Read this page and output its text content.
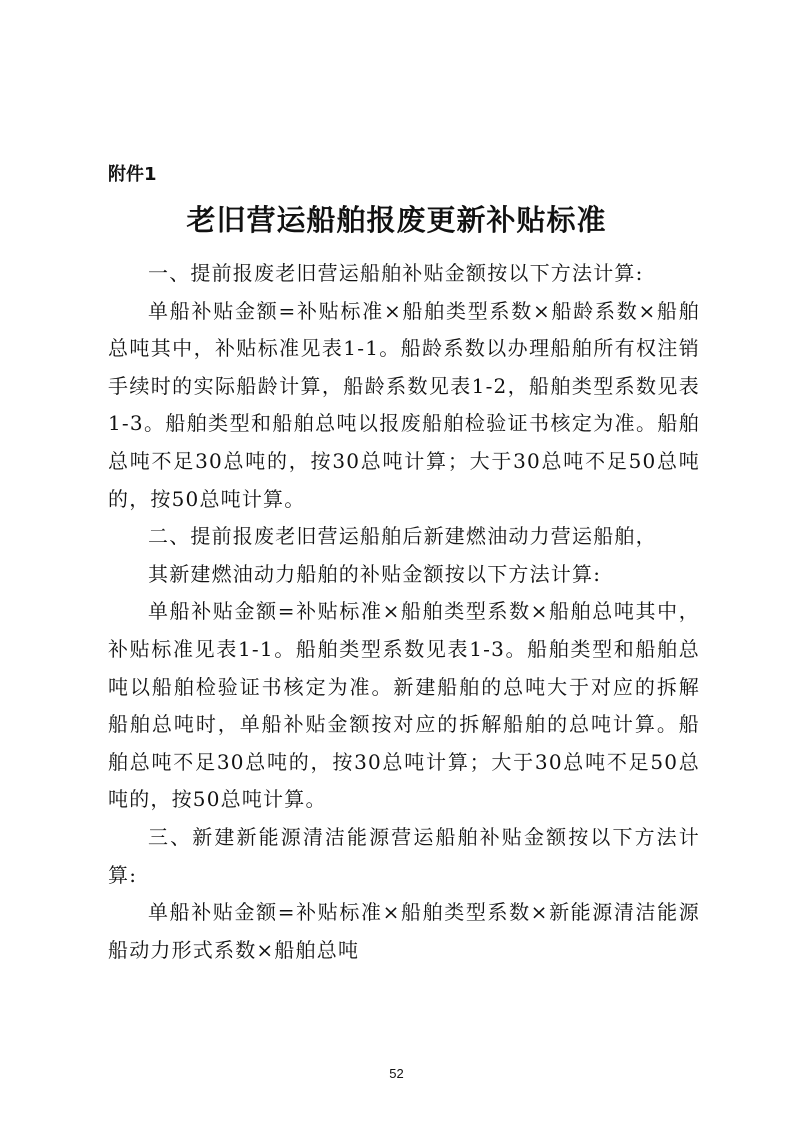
附件1
老旧营运船舶报废更新补贴标准

一、提前报废老旧营运船舶补贴金额按以下方法计算:

单船补贴金额=补贴标准×船舶类型系数×船龄系数×船舶总吨其中，补贴标准见表1-1。船龄系数以办理船舶所有权注销手续时的实际船龄计算，船龄系数见表1-2，船舶类型系数见表1-3。船舶类型和船舶总吨以报废船舶检验证书核定为准。船舶总吨不足30总吨的，按30总吨计算；大于30总吨不足50总吨的，按50总吨计算。

二、提前报废老旧营运船舶后新建燃油动力营运船舶，

其新建燃油动力船舶的补贴金额按以下方法计算:

单船补贴金额=补贴标准×船舶类型系数×船舶总吨其中，补贴标准见表1-1。船舶类型系数见表1-3。船舶类型和船舶总吨以船舶检验证书核定为准。新建船舶的总吨大于对应的拆解船舶总吨时，单船补贴金额按对应的拆解船舶的总吨计算。船舶总吨不足30总吨的，按30总吨计算；大于30总吨不足50总吨的，按50总吨计算。

三、新建新能源清洁能源营运船舶补贴金额按以下方法计算:

单船补贴金额=补贴标准×船舶类型系数×新能源清洁能源船动力形式系数×船舶总吨

52
